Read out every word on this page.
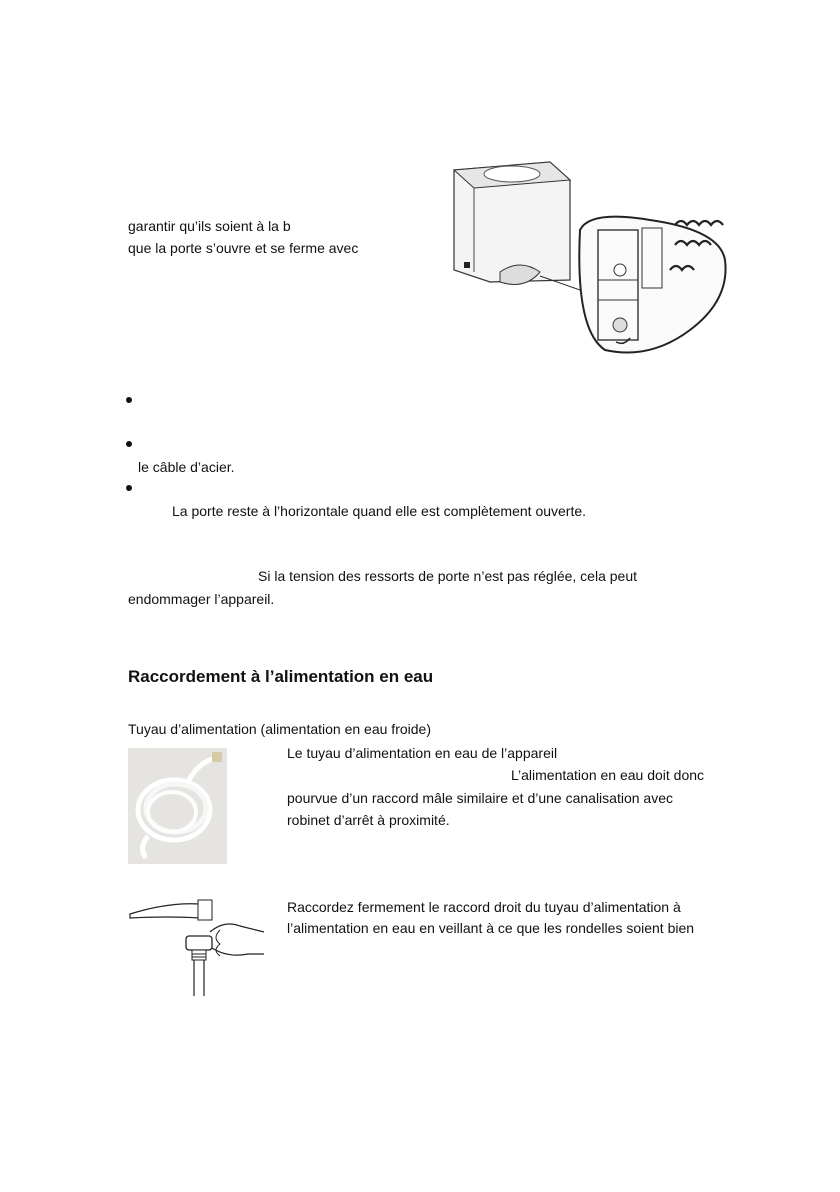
garantir qu’ils soient à la b
que la porte s’ouvre et se ferme avec
le câble d’acier.
La porte reste à l’horizontale quand elle est complètement ouverte.
Si la tension des ressorts de porte n’est pas réglée, cela peut
endommager l’appareil.
Raccordement à l’alimentation en eau
Tuyau d’alimentation (alimentation en eau froide)
Le tuyau d’alimentation en eau de l’appareil
L’alimentation en eau doit donc
pourvue d’un raccord mâle similaire et d’une canalisation avec
robinet d’arrêt à proximité.
Raccordez fermement le raccord droit du tuyau d’alimentation à
l’alimentation en eau en veillant à ce que les rondelles soient bien
